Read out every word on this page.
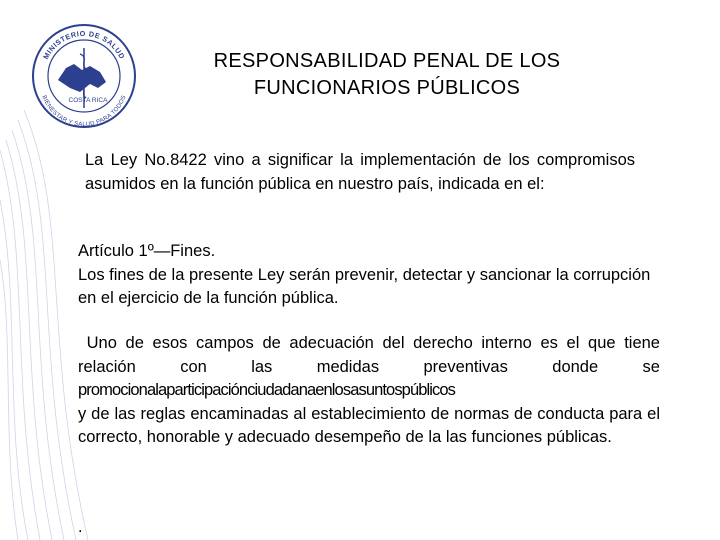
MINISTERIO DE SALUD
BIENESTAR Y SALUD PARA TODOS
COSTA RICA
RESPONSABILIDAD PENAL DE LOS
FUNCIONARIOS PÚBLICOS

La Ley No.8422 vino a significar la implementación de los compromisos asumidos en la función pública en nuestro país, indicada en el:

Artículo 1º—Fines.
Los fines de la presente Ley serán prevenir, detectar y sancionar la corrupción en el ejercicio de la función pública.
Uno de esos campos de adecuación del derecho interno es el que tiene relación con las medidas preventivas donde se
promocionalaparticipaciónciudadanaenlosasuntospúblicos
y de las reglas encaminadas al establecimiento de normas de conducta para el correcto, honorable y adecuado desempeño de la las funciones públicas.
.
